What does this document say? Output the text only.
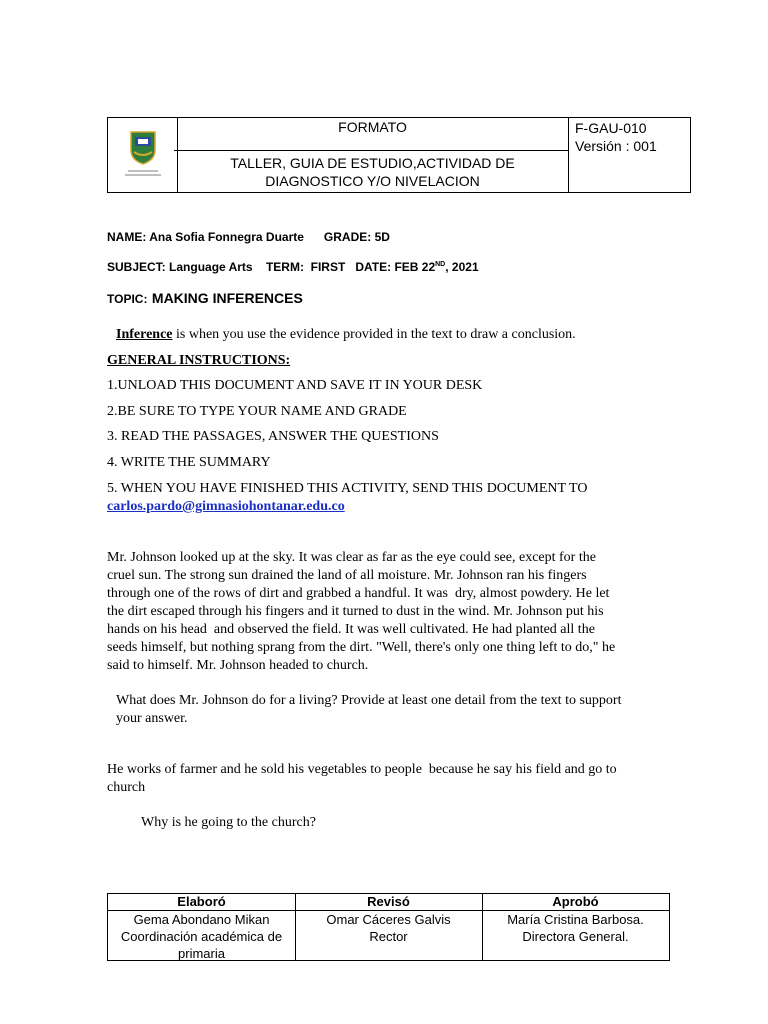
FORMATO
TALLER, GUIA DE ESTUDIO,ACTIVIDAD DE
DIAGNOSTICO Y/O NIVELACION
F-GAU-010
Versión : 001
NAME: Ana Sofia Fonnegra Duarte GRADE: 5D
SUBJECT: Language Arts TERM: FIRST DATE: FEB 22ND, 2021
TOPIC: MAKING INFERENCES
Inference is when you use the evidence provided in the text to draw a conclusion.
GENERAL INSTRUCTIONS:
1.UNLOAD THIS DOCUMENT AND SAVE IT IN YOUR DESK
2.BE SURE TO TYPE YOUR NAME AND GRADE
3. READ THE PASSAGES, ANSWER THE QUESTIONS
4. WRITE THE SUMMARY
5. WHEN YOU HAVE FINISHED THIS ACTIVITY, SEND THIS DOCUMENT TO
carlos.pardo@gimnasiohontanar.edu.co
Mr. Johnson looked up at the sky. It was clear as far as the eye could see, except for the
cruel sun. The strong sun drained the land of all moisture. Mr. Johnson ran his fingers
through one of the rows of dirt and grabbed a handful. It was  dry, almost powdery. He let
the dirt escaped through his fingers and it turned to dust in the wind. Mr. Johnson put his
hands on his head  and observed the field. It was well cultivated. He had planted all the
seeds himself, but nothing sprang from the dirt. "Well, there's only one thing left to do," he
said to himself. Mr. Johnson headed to church.
What does Mr. Johnson do for a living? Provide at least one detail from the text to support
your answer.
He works of farmer and he sold his vegetables to people  because he say his field and go to
church
Why is he going to the church?
Elaboró	Revisó	Aprobó
Gema Abondano Mikan
Coordinación académica de
primaria
Omar Cáceres Galvis
Rector
María Cristina Barbosa.
Directora General.
